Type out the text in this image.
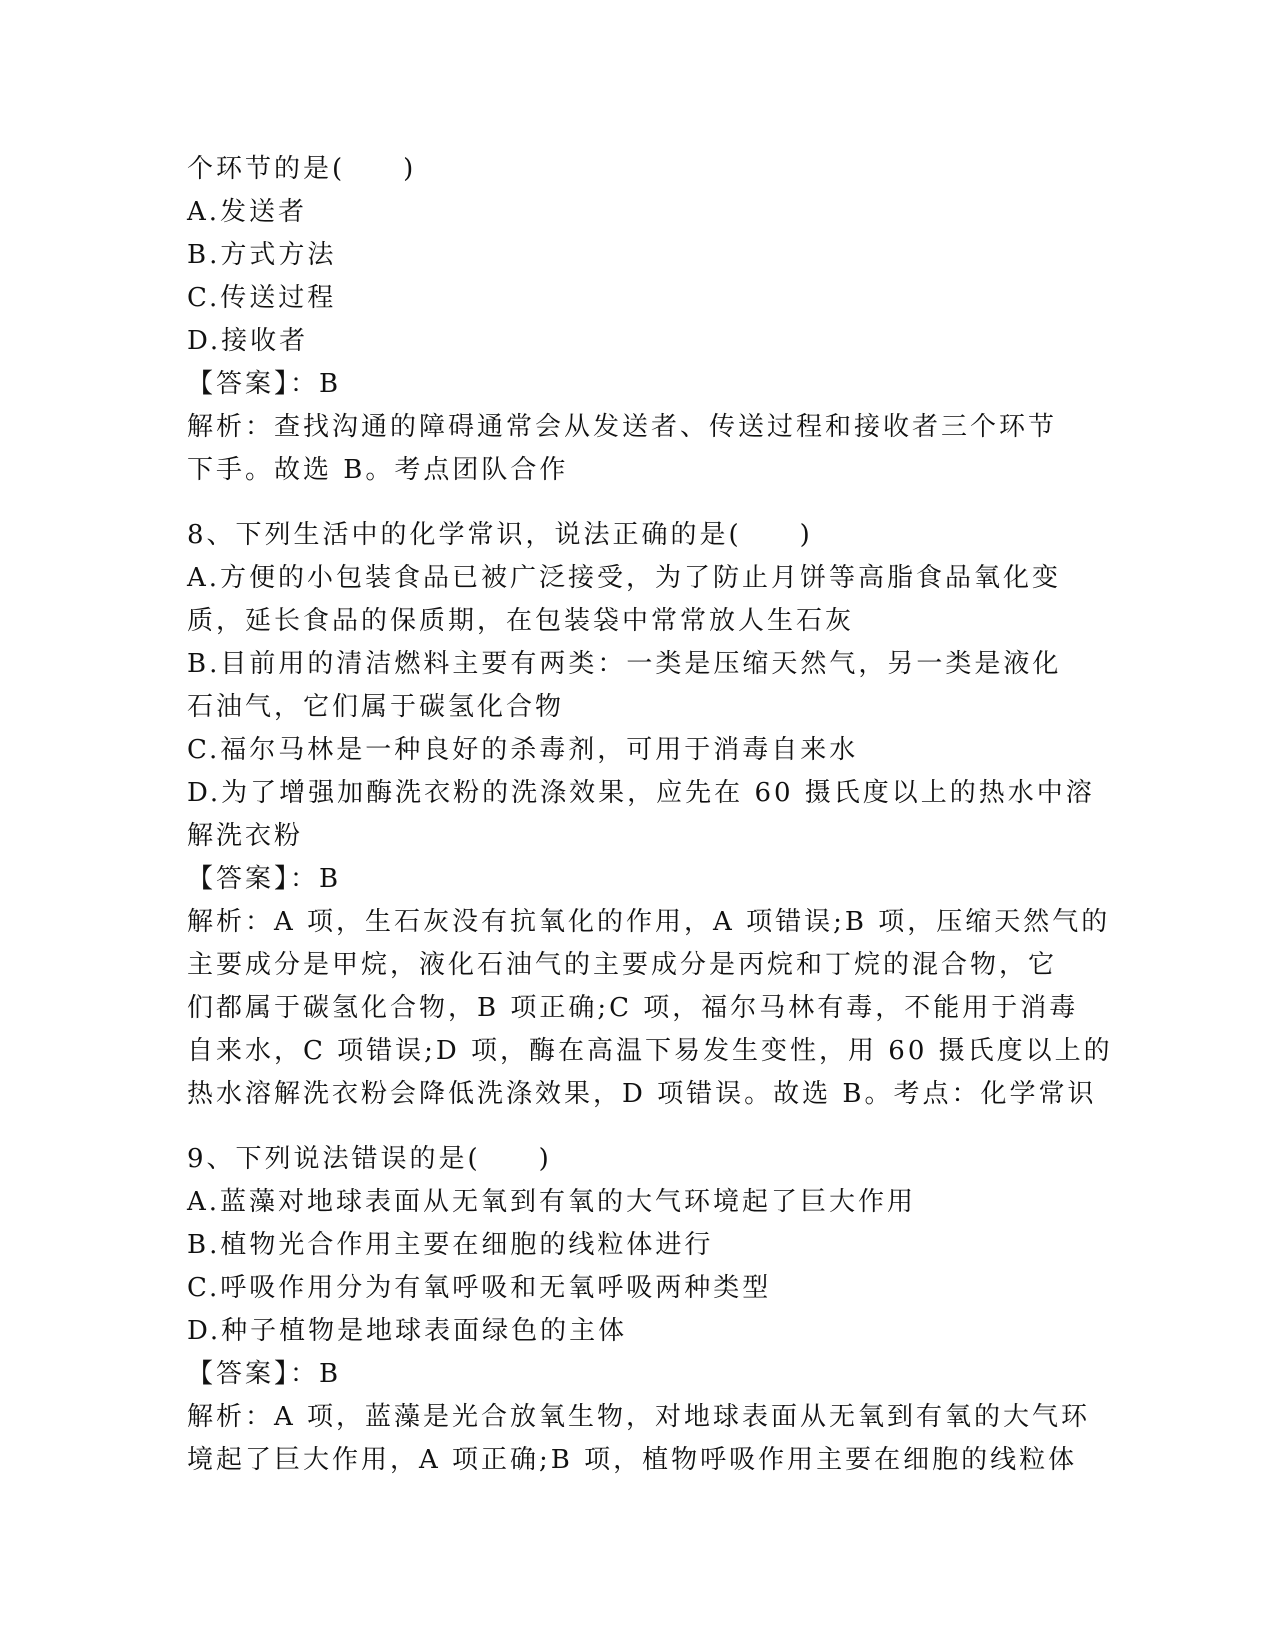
个环节的是(　　)
A.发送者
B.方式方法
C.传送过程
D.接收者
【答案】：B
解析：查找沟通的障碍通常会从发送者、传送过程和接收者三个环节
下手。故选 B。考点团队合作
8、下列生活中的化学常识，说法正确的是(　　)
A.方便的小包装食品已被广泛接受，为了防止月饼等高脂食品氧化变
质，延长食品的保质期，在包装袋中常常放人生石灰
B.目前用的清洁燃料主要有两类：一类是压缩天然气，另一类是液化
石油气，它们属于碳氢化合物
C.福尔马林是一种良好的杀毒剂，可用于消毒自来水
D.为了增强加酶洗衣粉的洗涤效果，应先在 60 摄氏度以上的热水中溶
解洗衣粉
【答案】：B
解析：A 项，生石灰没有抗氧化的作用，A 项错误;B 项，压缩天然气的
主要成分是甲烷，液化石油气的主要成分是丙烷和丁烷的混合物，它
们都属于碳氢化合物，B 项正确;C 项，福尔马林有毒，不能用于消毒
自来水，C 项错误;D 项，酶在高温下易发生变性，用 60 摄氏度以上的
热水溶解洗衣粉会降低洗涤效果，D 项错误。故选 B。考点：化学常识
9、下列说法错误的是(　　)
A.蓝藻对地球表面从无氧到有氧的大气环境起了巨大作用
B.植物光合作用主要在细胞的线粒体进行
C.呼吸作用分为有氧呼吸和无氧呼吸两种类型
D.种子植物是地球表面绿色的主体
【答案】：B
解析：A 项，蓝藻是光合放氧生物，对地球表面从无氧到有氧的大气环
境起了巨大作用，A 项正确;B 项，植物呼吸作用主要在细胞的线粒体
